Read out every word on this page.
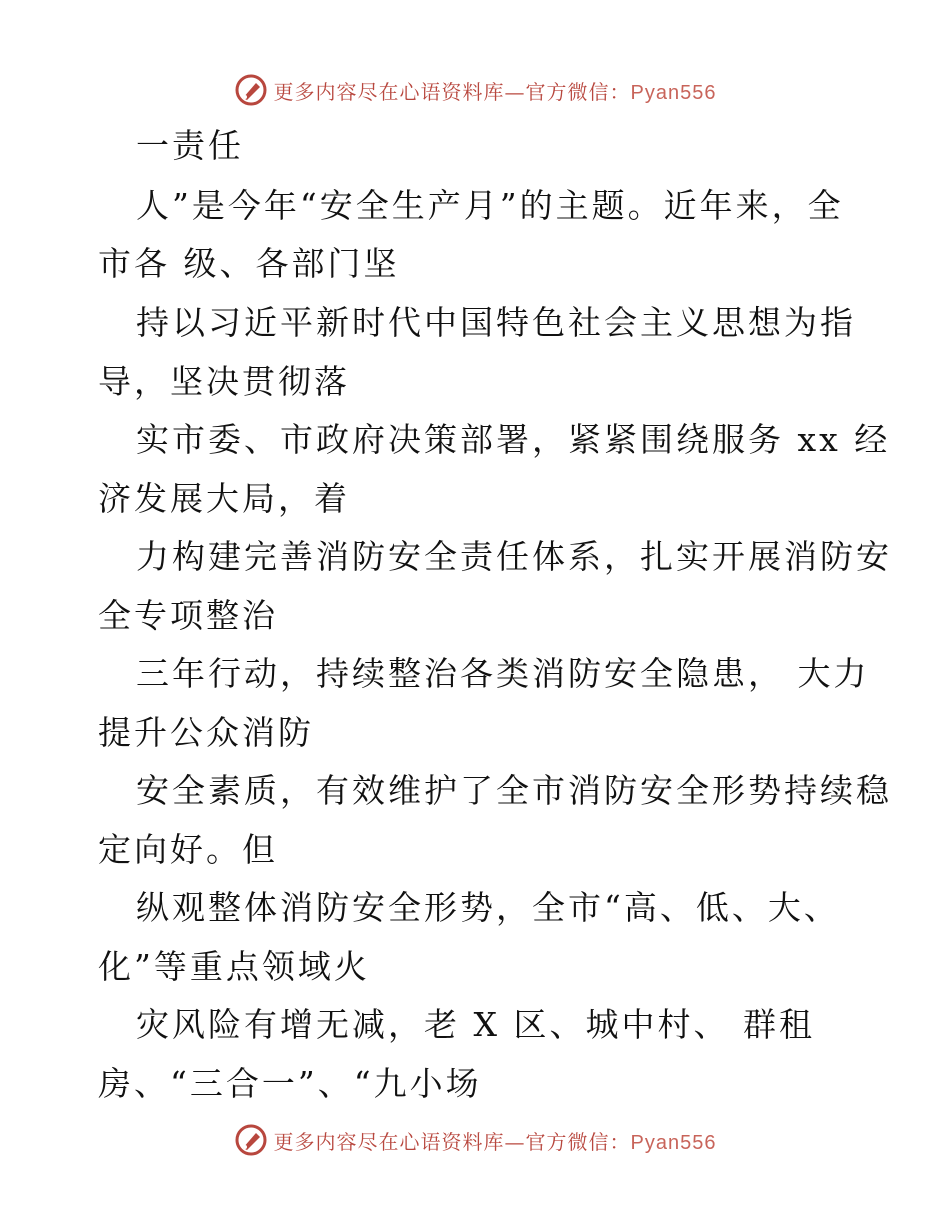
更多内容尽在心语资料库—官方微信：Pyan556
一责任
人”是今年“安全生产月”的主题。近年来，全
市各 级、各部门坚
持以习近平新时代中国特色社会主义思想为指
导，坚决贯彻落
实市委、市政府决策部署，紧紧围绕服务 xx 经
济发展大局，着
力构建完善消防安全责任体系，扎实开展消防安
全专项整治
三年行动，持续整治各类消防安全隐患， 大力
提升公众消防
安全素质，有效维护了全市消防安全形势持续稳
定向好。但
纵观整体消防安全形势，全市“高、低、大、
化”等重点领域火
灾风险有增无减，老 X 区、城中村、 群租
房、“三合一”、“九小场
更多内容尽在心语资料库—官方微信：Pyan556
